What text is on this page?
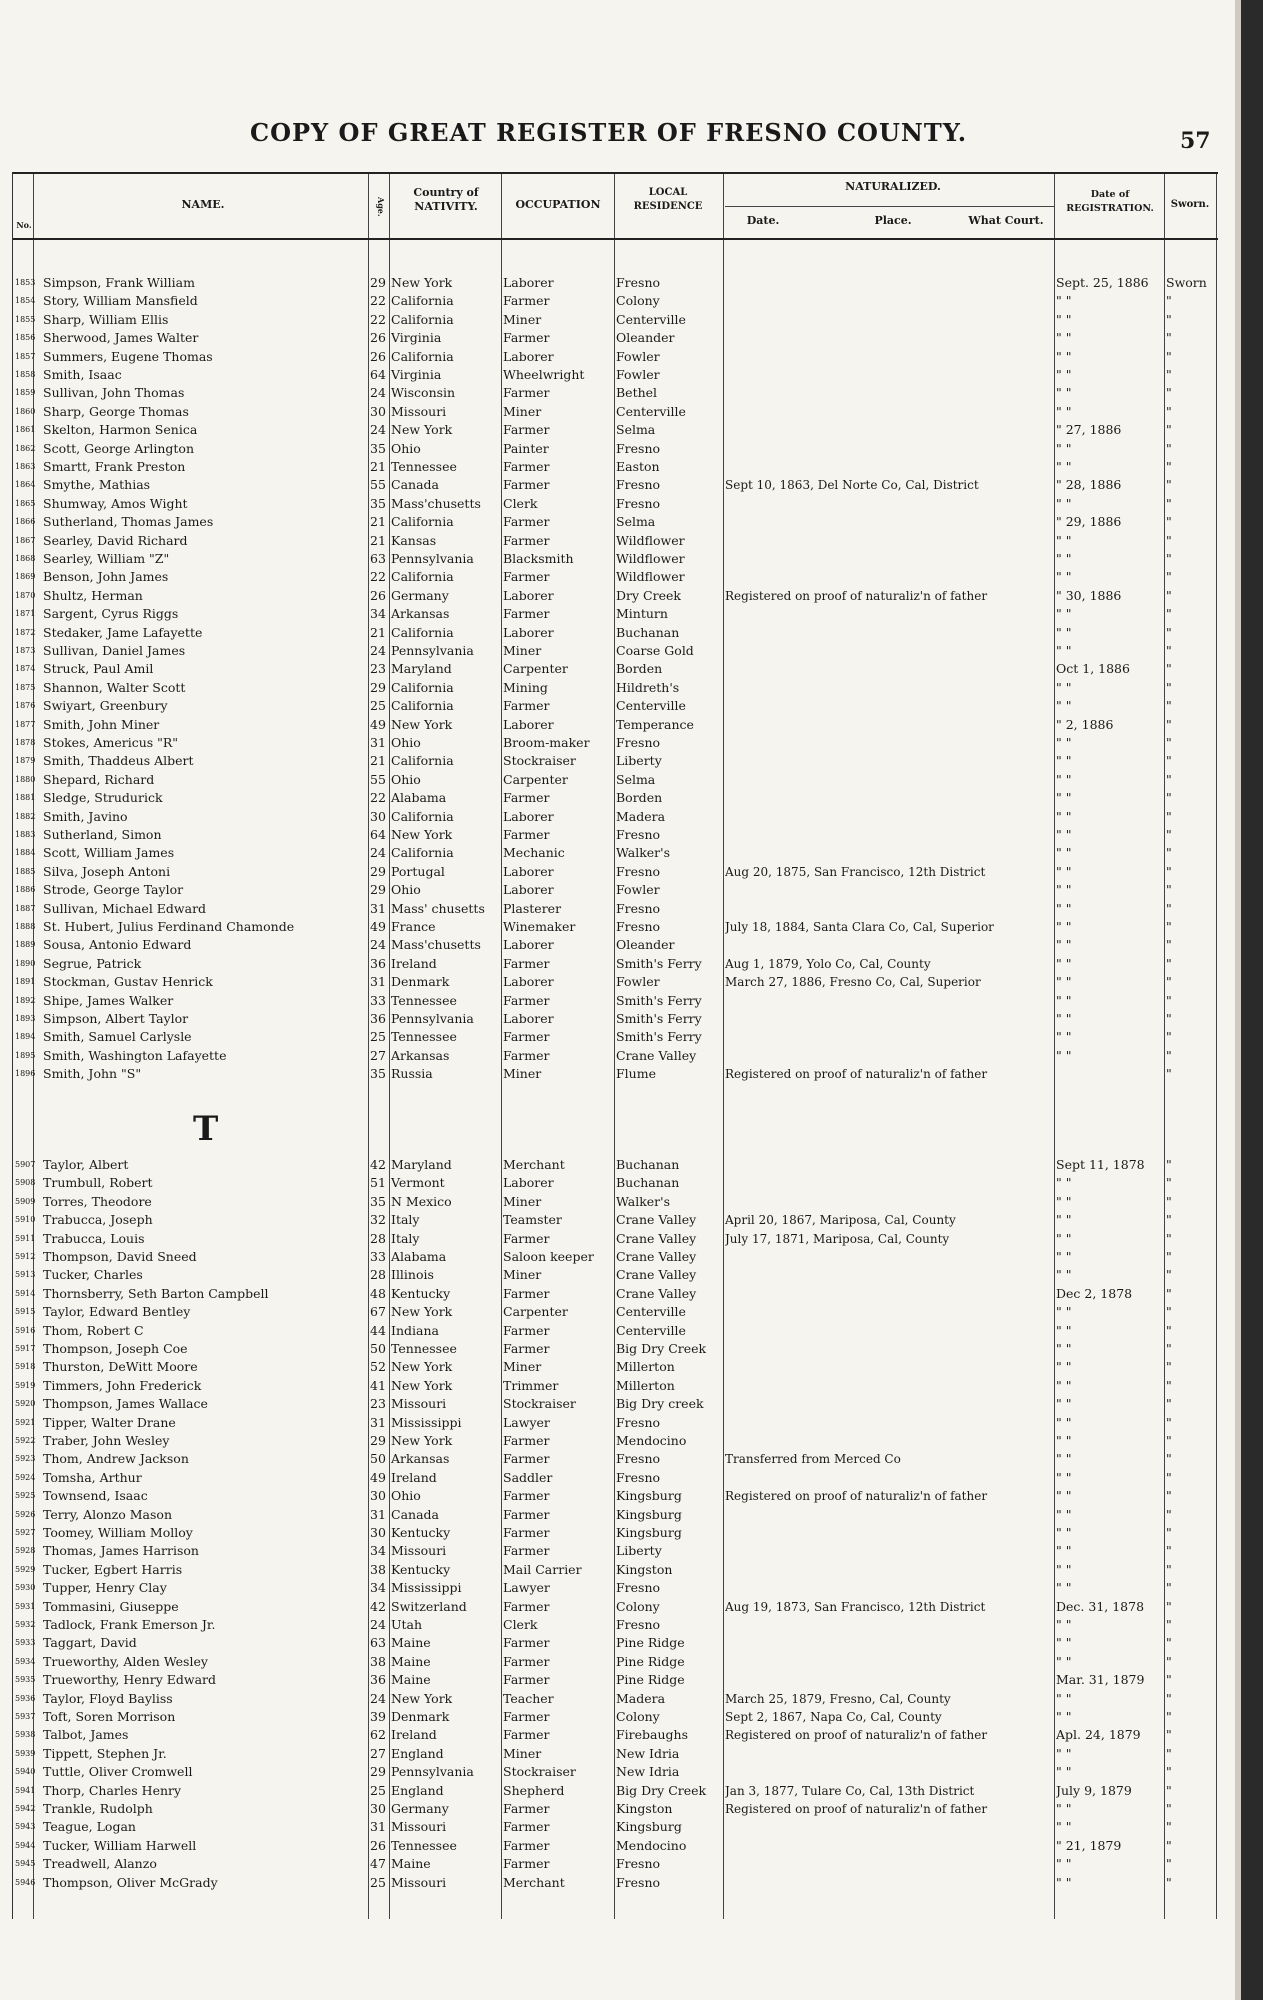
COPY OF GREAT REGISTER OF FRESNO COUNTY.	57
No.
NAME.	Age.
Country of NATIVITY.	OCCUPATION
LOCAL RESIDENCE
NATURALIZED.
Date.	Place.	What Court.
Date of REGISTRATION.	Sworn.
1853 Simpson, Frank William	29 New York	Laborer	Fresno	Sept. 25, 1886	Sworn
1854 Story, William Mansfield	22 California	Farmer	Colony	" "	"
1855 Sharp, William Ellis	22 California	Miner	Centerville	" "	"
1856 Sherwood, James Walter	26 Virginia	Farmer	Oleander	" "	"
1857 Summers, Eugene Thomas	26 California	Laborer	Fowler	" "	"
1858 Smith, Isaac	64 Virginia	Wheelwright	Fowler	" "	"
1859 Sullivan, John Thomas	24 Wisconsin	Farmer	Bethel	" "	"
1860 Sharp, George Thomas	30 Missouri	Miner	Centerville	" "	"
1861 Skelton, Harmon Senica	24 New York	Farmer	Selma	" 27, 1886	"
1862 Scott, George Arlington	35 Ohio	Painter	Fresno	" "	"
1863 Smartt, Frank Preston	21 Tennessee	Farmer	Easton	" "	"
1864 Smythe, Mathias	55 Canada	Farmer	Fresno	Sept 10, 1863, Del Norte Co, Cal, District	" 28, 1886	"
1865 Shumway, Amos Wight	35 Mass'chusetts	Clerk	Fresno	" "	"
1866 Sutherland, Thomas James	21 California	Farmer	Selma	" 29, 1886	"
1867 Searley, David Richard	21 Kansas	Farmer	Wildflower	" "	"
1868 Searley, William "Z"	63 Pennsylvania	Blacksmith	Wildflower	" "	"
1869 Benson, John James	22 California	Farmer	Wildflower	" "	"
1870 Shultz, Herman	26 Germany	Laborer	Dry Creek	Registered on proof of naturaliz'n of father	" 30, 1886	"
1871 Sargent, Cyrus Riggs	34 Arkansas	Farmer	Minturn	" "	"
1872 Stedaker, Jame Lafayette	21 California	Laborer	Buchanan	" "	"
1873 Sullivan, Daniel James	24 Pennsylvania	Miner	Coarse Gold	" "	"
1874 Struck, Paul Amil	23 Maryland	Carpenter	Borden	Oct 1, 1886	"
1875 Shannon, Walter Scott	29 California	Mining	Hildreth's	" "	"
1876 Swiyart, Greenbury	25 California	Farmer	Centerville	" "	"
1877 Smith, John Miner	49 New York	Laborer	Temperance	" 2, 1886	"
1878 Stokes, Americus "R"	31 Ohio	Broom-maker	Fresno	" "	"
1879 Smith, Thaddeus Albert	21 California	Stockraiser	Liberty	" "	"
1880 Shepard, Richard	55 Ohio	Carpenter	Selma	" "	"
1881 Sledge, Strudurick	22 Alabama	Farmer	Borden	" "	"
1882 Smith, Javino	30 California	Laborer	Madera	" "	"
1883 Sutherland, Simon	64 New York	Farmer	Fresno	" "	"
1884 Scott, William James	24 California	Mechanic	Walker's	" "	"
1885 Silva, Joseph Antoni	29 Portugal	Laborer	Fresno	Aug 20, 1875, San Francisco, 12th District	" "	"
1886 Strode, George Taylor	29 Ohio	Laborer	Fowler	" "	"
1887 Sullivan, Michael Edward	31 Mass' chusetts	Plasterer	Fresno	" "	"
1888 St. Hubert, Julius Ferdinand Chamonde	49 France	Winemaker	Fresno	July 18, 1884, Santa Clara Co, Cal, Superior	" "	"
1889 Sousa, Antonio Edward	24 Mass'chusetts	Laborer	Oleander	" "	"
1890 Segrue, Patrick	36 Ireland	Farmer	Smith's Ferry	Aug 1, 1879, Yolo Co, Cal, County	" "	"
1891 Stockman, Gustav Henrick	31 Denmark	Laborer	Fowler	March 27, 1886, Fresno Co, Cal, Superior	" "	"
1892 Shipe, James Walker	33 Tennessee	Farmer	Smith's Ferry	" "	"
1893 Simpson, Albert Taylor	36 Pennsylvania	Laborer	Smith's Ferry	" "	"
1894 Smith, Samuel Carlysle	25 Tennessee	Farmer	Smith's Ferry	" "	"
1895 Smith, Washington Lafayette	27 Arkansas	Farmer	Crane Valley	" "	"
1896 Smith, John "S"	35 Russia	Miner	Flume	Registered on proof of naturaliz'n of father	"
T
5907 Taylor, Albert	42 Maryland	Merchant	Buchanan	Sept 11, 1878	"
5908 Trumbull, Robert	51 Vermont	Laborer	Buchanan	" "	"
5909 Torres, Theodore	35 N Mexico	Miner	Walker's	" "	"
5910 Trabucca, Joseph	32 Italy	Teamster	Crane Valley	April 20, 1867, Mariposa, Cal, County	" "	"
5911 Trabucca, Louis	28 Italy	Farmer	Crane Valley	July 17, 1871, Mariposa, Cal, County	" "	"
5912 Thompson, David Sneed	33 Alabama	Saloon keeper	Crane Valley	" "	"
5913 Tucker, Charles	28 Illinois	Miner	Crane Valley	" "	"
5914 Thornsberry, Seth Barton Campbell	48 Kentucky	Farmer	Crane Valley	Dec 2, 1878	"
5915 Taylor, Edward Bentley	67 New York	Carpenter	Centerville	" "	"
5916 Thom, Robert C	44 Indiana	Farmer	Centerville	" "	"
5917 Thompson, Joseph Coe	50 Tennessee	Farmer	Big Dry Creek	" "	"
5918 Thurston, DeWitt Moore	52 New York	Miner	Millerton	" "	"
5919 Timmers, John Frederick	41 New York	Trimmer	Millerton	" "	"
5920 Thompson, James Wallace	23 Missouri	Stockraiser	Big Dry creek	" "	"
5921 Tipper, Walter Drane	31 Mississippi	Lawyer	Fresno	" "	"
5922 Traber, John Wesley	29 New York	Farmer	Mendocino	" "	"
5923 Thom, Andrew Jackson	50 Arkansas	Farmer	Fresno	Transferred from Merced Co	" "	"
5924 Tomsha, Arthur	49 Ireland	Saddler	Fresno	" "	"
5925 Townsend, Isaac	30 Ohio	Farmer	Kingsburg	Registered on proof of naturaliz'n of father	" "	"
5926 Terry, Alonzo Mason	31 Canada	Farmer	Kingsburg	" "	"
5927 Toomey, William Molloy	30 Kentucky	Farmer	Kingsburg	" "	"
5928 Thomas, James Harrison	34 Missouri	Farmer	Liberty	" "	"
5929 Tucker, Egbert Harris	38 Kentucky	Mail Carrier	Kingston	" "	"
5930 Tupper, Henry Clay	34 Mississippi	Lawyer	Fresno	" "	"
5931 Tommasini, Giuseppe	42 Switzerland	Farmer	Colony	Aug 19, 1873, San Francisco, 12th District	Dec. 31, 1878	"
5932 Tadlock, Frank Emerson Jr.	24 Utah	Clerk	Fresno	" "	"
5933 Taggart, David	63 Maine	Farmer	Pine Ridge	" "	"
5934 Trueworthy, Alden Wesley	38 Maine	Farmer	Pine Ridge	" "	"
5935 Trueworthy, Henry Edward	36 Maine	Farmer	Pine Ridge	Mar. 31, 1879	"
5936 Taylor, Floyd Bayliss	24 New York	Teacher	Madera	March 25, 1879, Fresno, Cal, County	" "	"
5937 Toft, Soren Morrison	39 Denmark	Farmer	Colony	Sept 2, 1867, Napa Co, Cal, County	" "	"
5938 Talbot, James	62 Ireland	Farmer	Firebaughs	Registered on proof of naturaliz'n of father	Apl. 24, 1879	"
5939 Tippett, Stephen Jr.	27 England	Miner	New Idria	" "	"
5940 Tuttle, Oliver Cromwell	29 Pennsylvania	Stockraiser	New Idria	" "	"
5941 Thorp, Charles Henry	25 England	Shepherd	Big Dry Creek	Jan 3, 1877, Tulare Co, Cal, 13th District	July 9, 1879	"
5942 Trankle, Rudolph	30 Germany	Farmer	Kingston	Registered on proof of naturaliz'n of father	" "	"
5943 Teague, Logan	31 Missouri	Farmer	Kingsburg	" "	"
5944 Tucker, William Harwell	26 Tennessee	Farmer	Mendocino	" 21, 1879	"
5945 Treadwell, Alanzo	47 Maine	Farmer	Fresno	" "	"
5946 Thompson, Oliver McGrady	25 Missouri	Merchant	Fresno	" "	"
